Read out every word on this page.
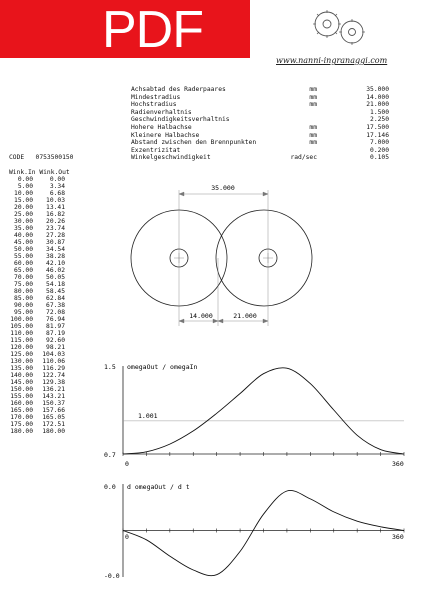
PDF
www.nanni-ingranaggi.com
Achsabtad des Raderpaares	mm	35.000
Mindestradius	mm	14.000
Hochstradius	mm	21.000
Radienverhaltnis	1.500
Geschwindigkeitsverhaltnis	2.250
Hohere Halbachse	mm	17.500
Kleinere Halbachse	mm	17.146
Abstand zwischen den Brennpunkten	mm	7.000
Exzentrizitat	0.200
Winkelgeschwindigkeit	rad/sec	0.105
CODE 0753500150
Wink.In Wink.Out
0.00	0.00
5.00	3.34
10.00	6.68
15.00	10.03
20.00	13.41
25.00	16.82
30.00	20.26
35.00	23.74
40.00	27.28
45.00	30.87
50.00	34.54
55.00	38.28
60.00	42.10
65.00	46.02
70.00	50.05
75.00	54.18
80.00	58.45
85.00	62.84
90.00	67.38
95.00	72.08
100.00	76.94
105.00	81.97
110.00	87.19
115.00	92.60
120.00	98.21
125.00	104.03
130.00	110.06
135.00	116.29
140.00	122.74
145.00	129.38
150.00	136.21
155.00	143.21
160.00	150.37
165.00	157.66
170.00	165.05
175.00	172.51
180.00	180.00
35.000
14.000	21.000
1.5 omegaOut / omegaIn
0.7
1.001
0	360
0.0 d omegaOut / d t
-0.0
0	360
